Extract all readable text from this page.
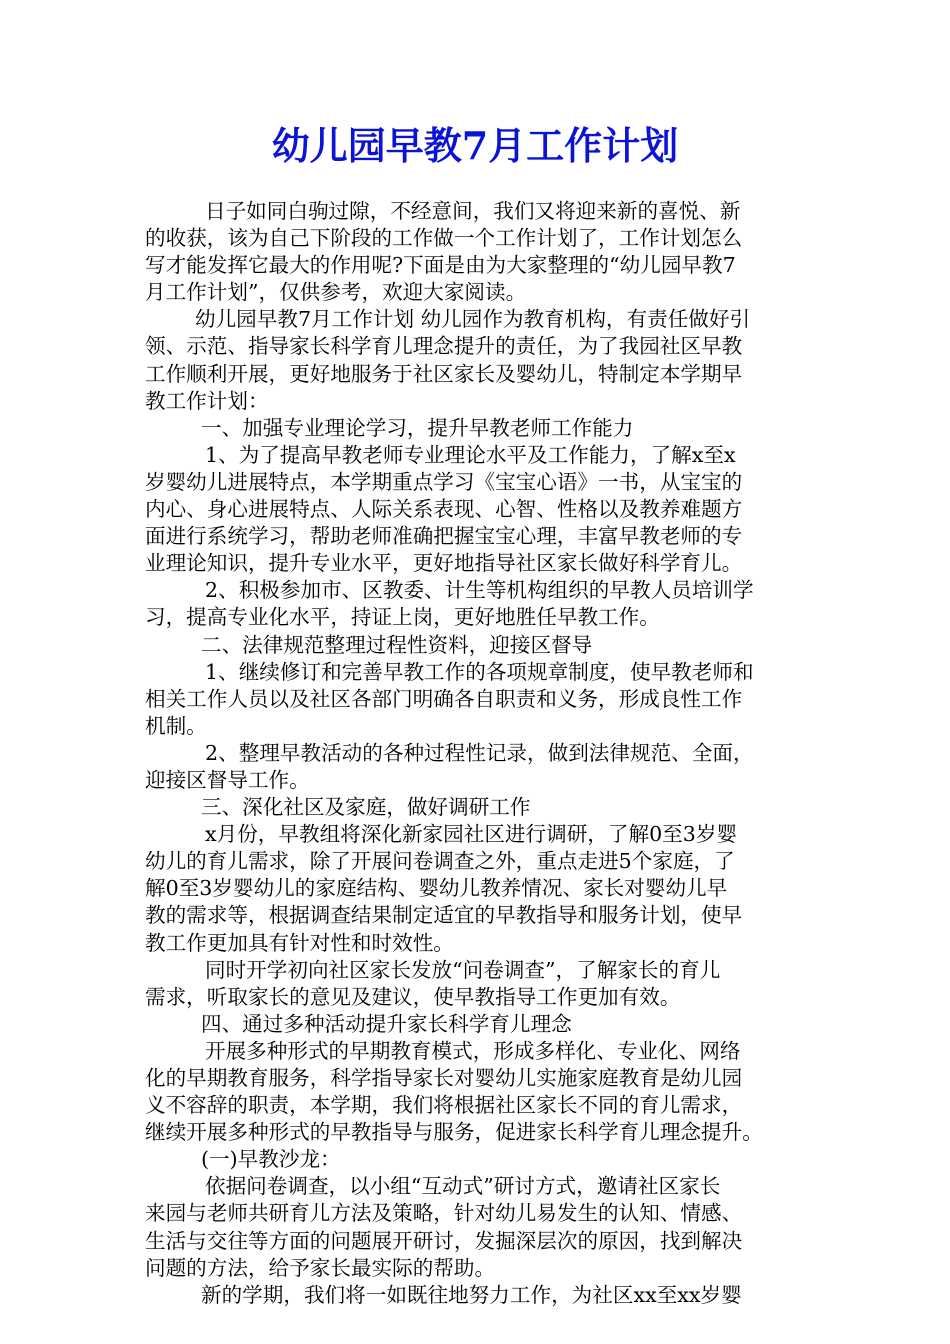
幼儿园早教7月工作计划
日子如同白驹过隙，不经意间，我们又将迎来新的喜悦、新
的收获，该为自己下阶段的工作做一个工作计划了，工作计划怎么
写才能发挥它最大的作用呢?下面是由为大家整理的“幼儿园早教7
月工作计划”，仅供参考，欢迎大家阅读。
幼儿园早教7月工作计划 幼儿园作为教育机构，有责任做好引
领、示范、指导家长科学育儿理念提升的责任，为了我园社区早教
工作顺利开展，更好地服务于社区家长及婴幼儿，特制定本学期早
教工作计划：
一、加强专业理论学习，提升早教老师工作能力
1、为了提高早教老师专业理论水平及工作能力，了解x至x
岁婴幼儿进展特点，本学期重点学习《宝宝心语》一书，从宝宝的
内心、身心进展特点、人际关系表现、心智、性格以及教养难题方
面进行系统学习，帮助老师准确把握宝宝心理，丰富早教老师的专
业理论知识，提升专业水平，更好地指导社区家长做好科学育儿。
2、积极参加市、区教委、计生等机构组织的早教人员培训学
习，提高专业化水平，持证上岗，更好地胜任早教工作。
二、法律规范整理过程性资料，迎接区督导
1、继续修订和完善早教工作的各项规章制度，使早教老师和
相关工作人员以及社区各部门明确各自职责和义务，形成良性工作
机制。
2、整理早教活动的各种过程性记录，做到法律规范、全面，
迎接区督导工作。
三、深化社区及家庭，做好调研工作
x月份，早教组将深化新家园社区进行调研，了解0至3岁婴
幼儿的育儿需求，除了开展问卷调查之外，重点走进5个家庭，了
解0至3岁婴幼儿的家庭结构、婴幼儿教养情况、家长对婴幼儿早
教的需求等，根据调查结果制定适宜的早教指导和服务计划，使早
教工作更加具有针对性和时效性。
同时开学初向社区家长发放“问卷调查”，了解家长的育儿
需求，听取家长的意见及建议，使早教指导工作更加有效。
四、通过多种活动提升家长科学育儿理念
开展多种形式的早期教育模式，形成多样化、专业化、网络
化的早期教育服务，科学指导家长对婴幼儿实施家庭教育是幼儿园
义不容辞的职责，本学期，我们将根据社区家长不同的育儿需求，
继续开展多种形式的早教指导与服务，促进家长科学育儿理念提升。
(一)早教沙龙：
依据问卷调查，以小组“互动式”研讨方式，邀请社区家长
来园与老师共研育儿方法及策略，针对幼儿易发生的认知、情感、
生活与交往等方面的问题展开研讨，发掘深层次的原因，找到解决
问题的方法，给予家长最实际的帮助。
新的学期，我们将一如既往地努力工作，为社区xx至xx岁婴
